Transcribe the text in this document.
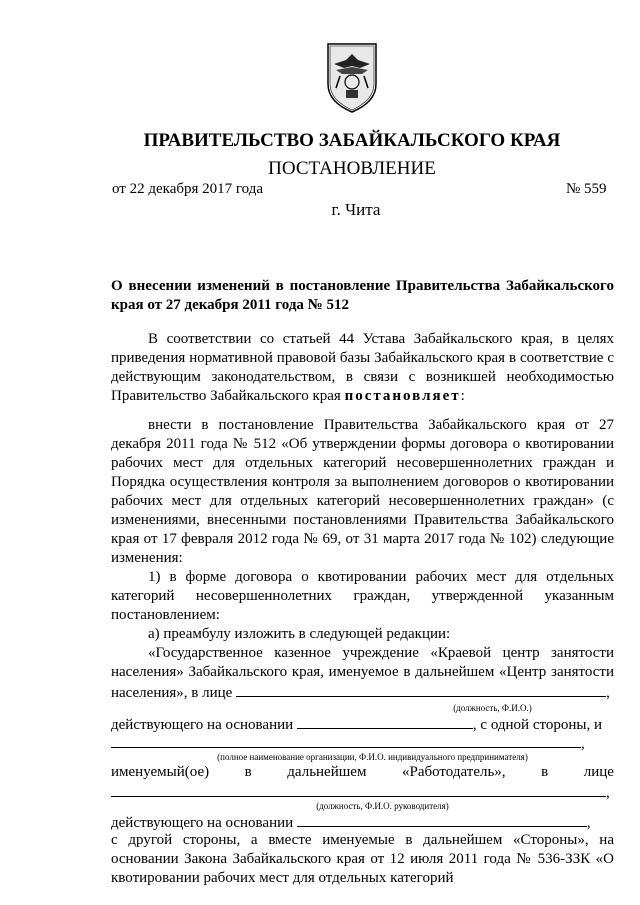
ПРАВИТЕЛЬСТВО ЗАБАЙКАЛЬСКОГО КРАЯ
ПОСТАНОВЛЕНИЕ
от 22 декабря 2017 года	№ 559
г. Чита
О внесении изменений в постановление Правительства Забайкальского края от 27 декабря 2011 года № 512

В соответствии со статьей 44 Устава Забайкальского края, в целях приведения нормативной правовой базы Забайкальского края в соответствие с действующим законодательством, в связи с возникшей необходимостью Правительство Забайкальского края постановляет:

внести в постановление Правительства Забайкальского края от 27 декабря 2011 года № 512 «Об утверждении формы договора о квотировании рабочих мест для отдельных категорий несовершеннолетних граждан и Порядка осуществления контроля за выполнением договоров о квотировании рабочих мест для отдельных категорий несовершеннолетних граждан» (с изменениями, внесенными постановлениями Правительства Забайкальского края от 17 февраля 2012 года № 69, от 31 марта 2017 года № 102) следующие изменения:

1) в форме договора о квотировании рабочих мест для отдельных категорий несовершеннолетних граждан, утвержденной указанным постановлением:

а) преамбулу изложить в следующей редакции:

«Государственное казенное учреждение «Краевой центр занятости населения» Забайкальского края, именуемое в дальнейшем «Центр занятости населения», в лице	,

(должность, Ф.И.О.)
действующего на основании	, с одной стороны, и
,
(полное наименование организации, Ф.И.О. индивидуального предпринимателя)
именуемый(ое) в дальнейшем «Работодатель», в лице
,
(должность, Ф.И.О. руководителя)
действующего на основании	,

с другой стороны, а вместе именуемые в дальнейшем «Стороны», на основании Закона Забайкальского края от 12 июля 2011 года № 536-ЗЗК «О квотировании рабочих мест для отдельных категорий
